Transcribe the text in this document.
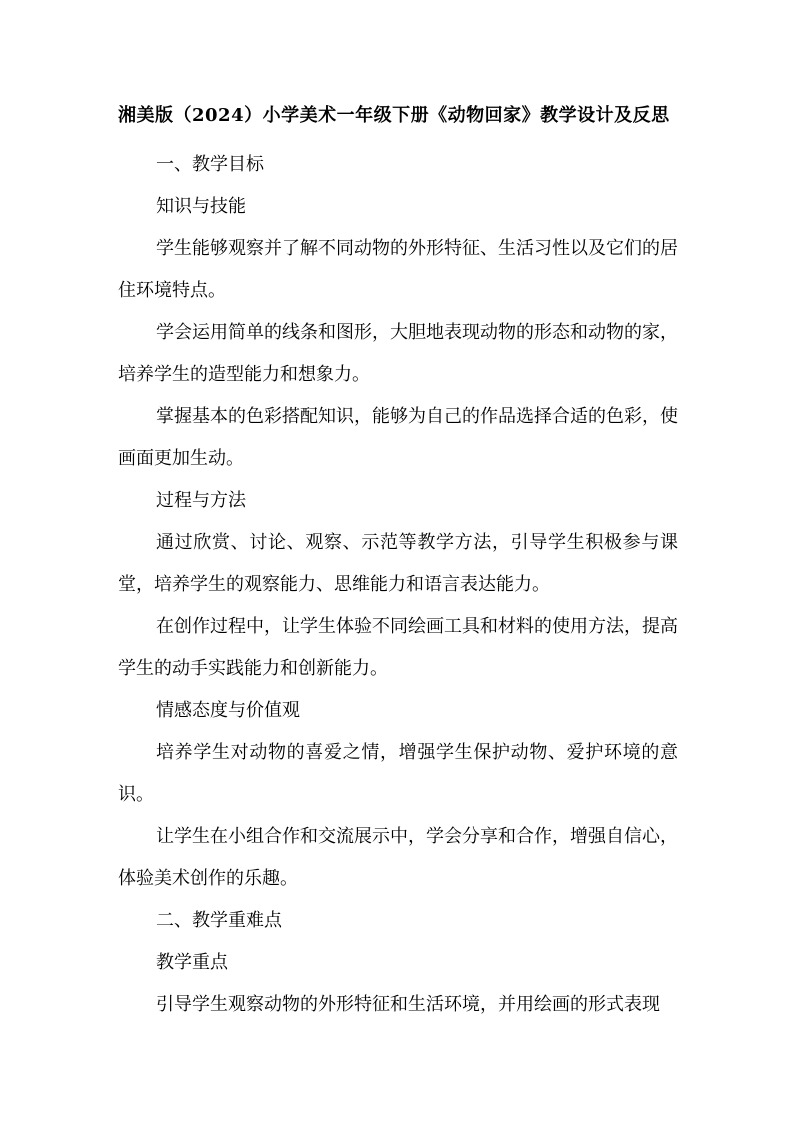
湘美版（2024）小学美术一年级下册《动物回家》教学设计及反思

一、教学目标

知识与技能

学生能够观察并了解不同动物的外形特征、生活习性以及它们的居住环境特点。

学会运用简单的线条和图形，大胆地表现动物的形态和动物的家，培养学生的造型能力和想象力。

掌握基本的色彩搭配知识，能够为自己的作品选择合适的色彩，使画面更加生动。

过程与方法

通过欣赏、讨论、观察、示范等教学方法，引导学生积极参与课堂，培养学生的观察能力、思维能力和语言表达能力。

在创作过程中，让学生体验不同绘画工具和材料的使用方法，提高学生的动手实践能力和创新能力。

情感态度与价值观

培养学生对动物的喜爱之情，增强学生保护动物、爱护环境的意识。

让学生在小组合作和交流展示中，学会分享和合作，增强自信心，体验美术创作的乐趣。

二、教学重难点

教学重点

引导学生观察动物的外形特征和生活环境，并用绘画的形式表现
